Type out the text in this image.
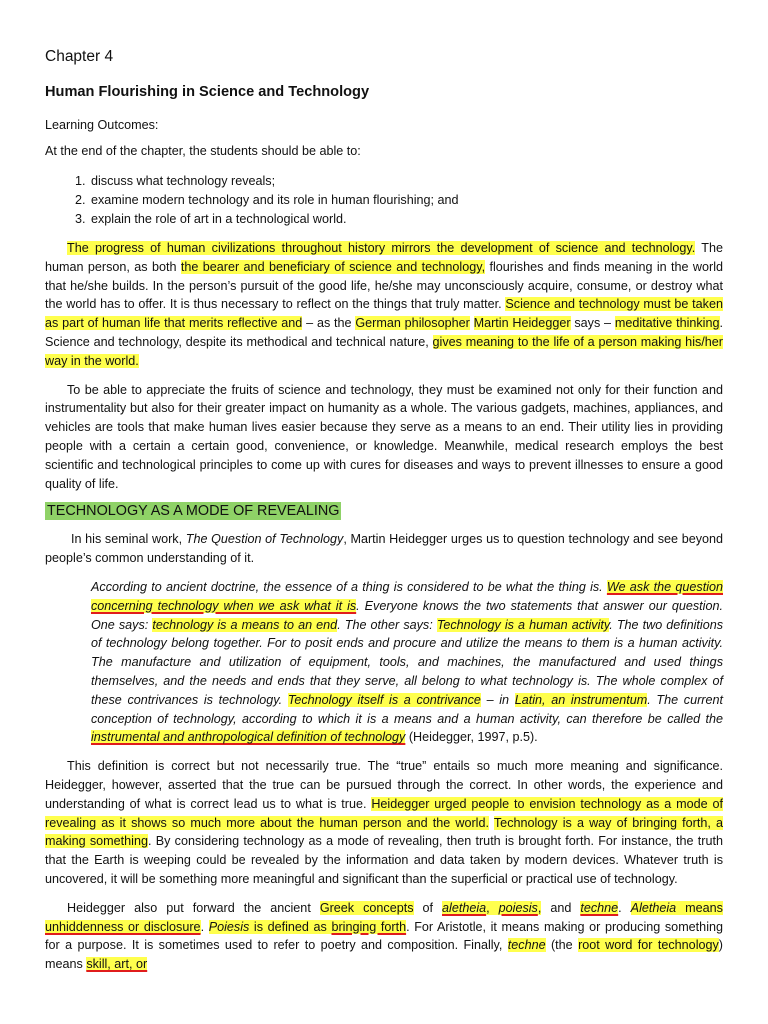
Chapter 4
Human Flourishing in Science and Technology
Learning Outcomes:
At the end of the chapter, the students should be able to:
1. discuss what technology reveals;
2. examine modern technology and its role in human flourishing; and
3. explain the role of art in a technological world.

The progress of human civilizations throughout history mirrors the development of science and technology. The human person, as both the bearer and beneficiary of science and technology, flourishes and finds meaning in the world that he/she builds. In the person’s pursuit of the good life, he/she may unconsciously acquire, consume, or destroy what the world has to offer. It is thus necessary to reflect on the things that truly matter. Science and technology must be taken as part of human life that merits reflective and – as the German philosopher Martin Heidegger says – meditative thinking. Science and technology, despite its methodical and technical nature, gives meaning to the life of a person making his/her way in the world.

To be able to appreciate the fruits of science and technology, they must be examined not only for their function and instrumentality but also for their greater impact on humanity as a whole. The various gadgets, machines, appliances, and vehicles are tools that make human lives easier because they serve as a means to an end. Their utility lies in providing people with a certain a certain good, convenience, or knowledge. Meanwhile, medical research employs the best scientific and technological principles to come up with cures for diseases and ways to prevent illnesses to ensure a good quality of life.

TECHNOLOGY AS A MODE OF REVEALING

In his seminal work, The Question of Technology, Martin Heidegger urges us to question technology and see beyond people’s common understanding of it.

According to ancient doctrine, the essence of a thing is considered to be what the thing is. We ask the question concerning technology when we ask what it is. Everyone knows the two statements that answer our question. One says: technology is a means to an end. The other says: Technology is a human activity. The two definitions of technology belong together. For to posit ends and procure and utilize the means to them is a human activity. The manufacture and utilization of equipment, tools, and machines, the manufactured and used things themselves, and the needs and ends that they serve, all belong to what technology is. The whole complex of these contrivances is technology. Technology itself is a contrivance – in Latin, an instrumentum. The current conception of technology, according to which it is a means and a human activity, can therefore be called the instrumental and anthropological definition of technology (Heidegger, 1997, p.5).

This definition is correct but not necessarily true. The “true” entails so much more meaning and significance. Heidegger, however, asserted that the true can be pursued through the correct. In other words, the experience and understanding of what is correct lead us to what is true. Heidegger urged people to envision technology as a mode of revealing as it shows so much more about the human person and the world. Technology is a way of bringing forth, a making something. By considering technology as a mode of revealing, then truth is brought forth. For instance, the truth that the Earth is weeping could be revealed by the information and data taken by modern devices. Whatever truth is uncovered, it will be something more meaningful and significant than the superficial or practical use of technology.

Heidegger also put forward the ancient Greek concepts of aletheia, poiesis, and techne. Aletheia means unhiddenness or disclosure. Poiesis is defined as bringing forth. For Aristotle, it means making or producing something for a purpose. It is sometimes used to refer to poetry and composition. Finally, techne (the root word for technology) means skill, art, or
